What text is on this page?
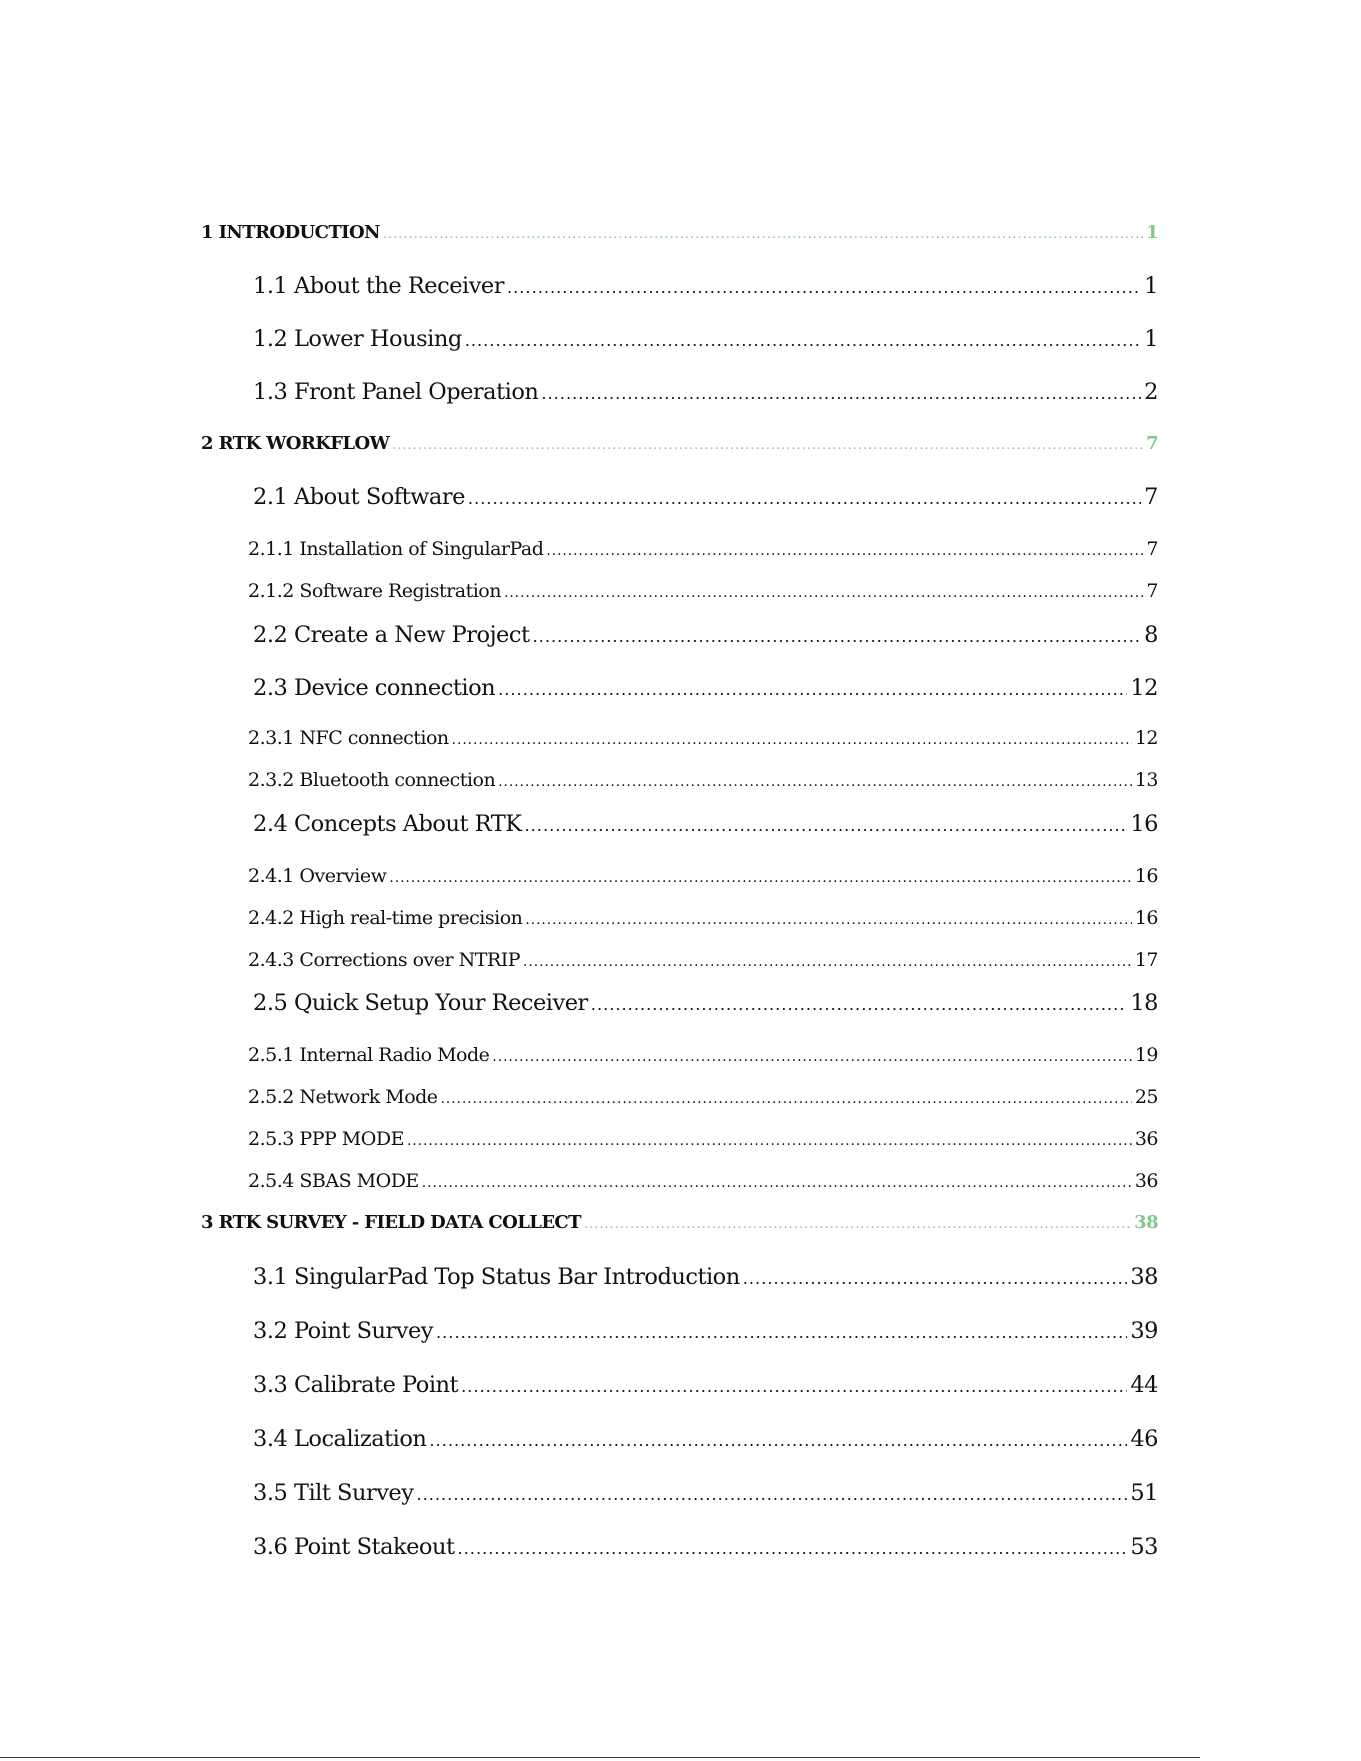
1 INTRODUCTION .....	1
1.1 About the Receiver .....	1
1.2 Lower Housing .....	1
1.3 Front Panel Operation .....	2
2 RTK WORKFLOW .....	7
2.1 About Software .....	7
2.1.1 Installation of SingularPad .....	7
2.1.2 Software Registration .....	7
2.2 Create a New Project .....	8
2.3 Device connection .....	12
2.3.1 NFC connection .....	12
2.3.2 Bluetooth connection .....	13
2.4 Concepts About RTK .....	16
2.4.1 Overview .....	16
2.4.2 High real-time precision .....	16
2.4.3 Corrections over NTRIP .....	17
2.5 Quick Setup Your Receiver .....	18
2.5.1 Internal Radio Mode .....	19
2.5.2 Network Mode .....	25
2.5.3 PPP MODE .....	36
2.5.4 SBAS MODE .....	36
3 RTK SURVEY - FIELD DATA COLLECT .....	38
3.1 SingularPad Top Status Bar Introduction .....	38
3.2 Point Survey .....	39
3.3 Calibrate Point .....	44
3.4 Localization .....	46
3.5 Tilt Survey .....	51
3.6 Point Stakeout .....	53
